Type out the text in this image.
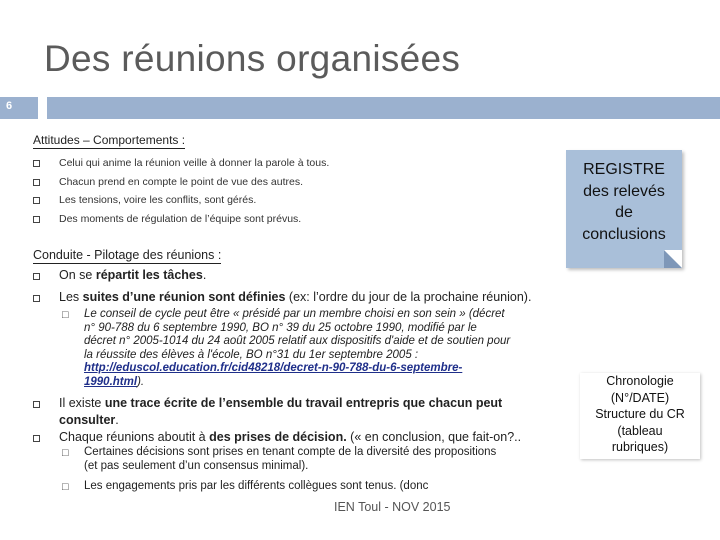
Des réunions organisées
6
Attitudes – Comportements :
Celui qui anime la réunion veille à donner la parole à tous.
Chacun prend en compte le point de vue des autres.
Les tensions, voire les conflits, sont gérés.
Des moments de régulation de l’équipe sont prévus.
REGISTRE
des relevés
de
conclusions
Conduite - Pilotage des réunions :
On se répartit les tâches.
Les suites d’une réunion sont définies (ex: l’ordre du jour de la prochaine réunion).
□ Le conseil de cycle peut être « présidé par un membre choisi en son sein » (décret
n° 90-788 du 6 septembre 1990, BO n° 39 du 25 octobre 1990, modifié par le
décret n° 2005-1014 du 24 août 2005 relatif aux dispositifs d'aide et de soutien pour
la réussite des élèves à l'école, BO n°31 du 1er septembre 2005 :
http://eduscol.education.fr/cid48218/decret-n-90-788-du-6-septembre-
1990.html).
Il existe une trace écrite de l’ensemble du travail entrepris que chacun peut
consulter.
Chaque réunions aboutit à des prises de décision. (« en conclusion, que fait-on?..
□ Certaines décisions sont prises en tenant compte de la diversité des propositions
(et pas seulement d’un consensus minimal).
□ Les engagements pris par les différents collègues sont tenus. (donc
Chronologie
(N°/DATE)
Structure du CR
(tableau
rubriques)
IEN Toul - NOV 2015
